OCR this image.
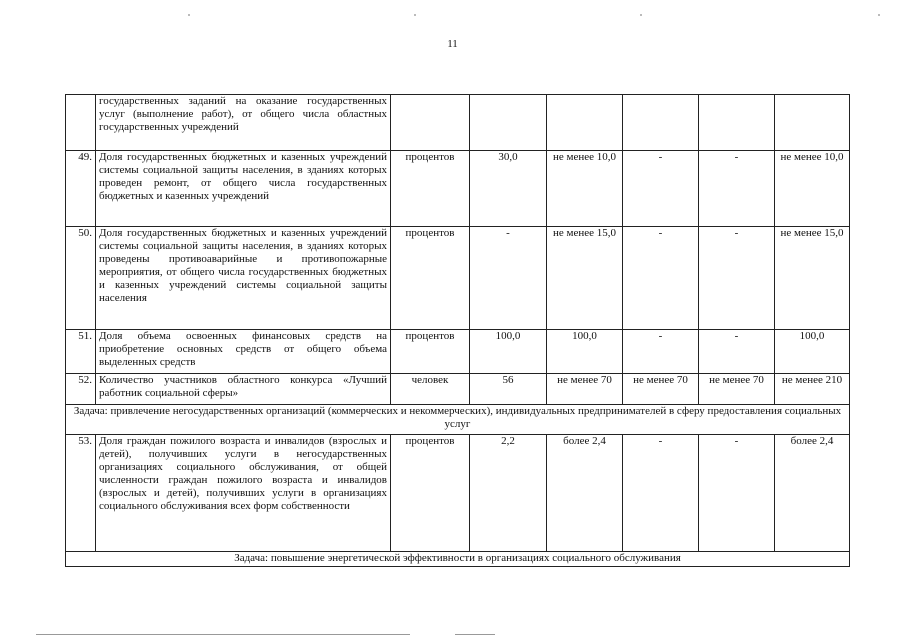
11
	государственных заданий на оказание государственных услуг (выполнение работ), от общего числа областных государственных учреждений						
49.	Доля государственных бюджетных и казенных учреждений системы социальной защиты населения, в зданиях которых проведен ремонт, от общего числа государственных бюджетных и казенных учреждений	процентов	30,0	не менее 10,0	-	-	не менее 10,0
50.	Доля государственных бюджетных и казенных учреждений системы социальной защиты населения, в зданиях которых проведены противоаварийные и противопожарные мероприятия, от общего числа государственных бюджетных и казенных учреждений системы социальной защиты населения	процентов	-	не менее 15,0	-	-	не менее 15,0
51.	Доля объема освоенных финансовых средств на приобретение основных средств от общего объема выделенных средств	процентов	100,0	100,0	-	-	100,0
52.	Количество участников областного конкурса «Лучший работник социальной сферы»	человек	56	не менее 70	не менее 70	не менее 70	не менее 210
Задача: привлечение негосударственных организаций (коммерческих и некоммерческих), индивидуальных предпринимателей в сферу предоставления социальных услуг							
53.	Доля граждан пожилого возраста и инвалидов (взрослых и детей), получивших услуги в негосударственных организациях социального обслуживания, от общей численности граждан пожилого возраста и инвалидов (взрослых и детей), получивших услуги в организациях социального обслуживания всех форм собственности	процентов	2,2	более 2,4	-	-	более 2,4
Задача: повышение энергетической эффективности в организациях социального обслуживания							
